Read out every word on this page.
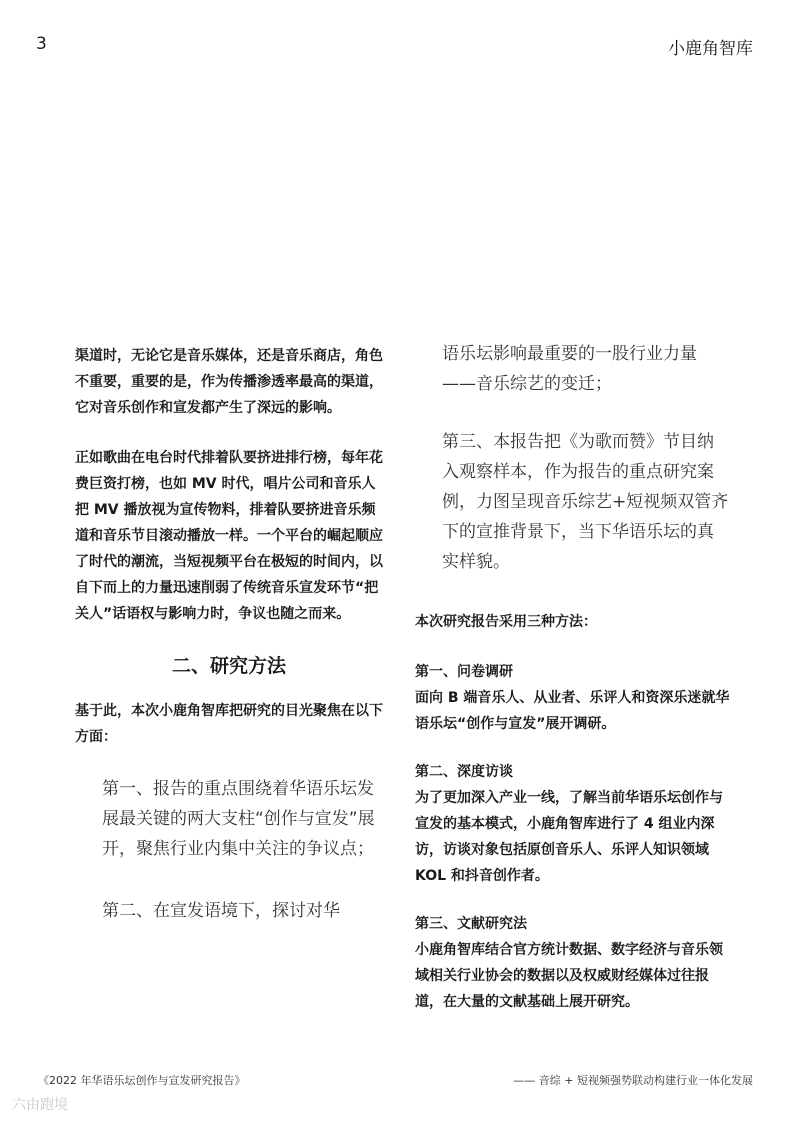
3	小鹿角智库

渠道时，无论它是音乐媒体，还是音乐商店，角色不重要，重要的是，作为传播渗透率最高的渠道，它对音乐创作和宣发都产生了深远的影响。

正如歌曲在电台时代排着队要挤进排行榜，每年花费巨资打榜，也如 MV 时代，唱片公司和音乐人把 MV 播放视为宣传物料，排着队要挤进音乐频道和音乐节目滚动播放一样。一个平台的崛起顺应了时代的潮流，当短视频平台在极短的时间内，以自下而上的力量迅速削弱了传统音乐宣发环节“把关人”话语权与影响力时，争议也随之而来。

二、研究方法

基于此，本次小鹿角智库把研究的目光聚焦在以下方面：

第一、报告的重点围绕着华语乐坛发展最关键的两大支柱“创作与宣发”展开，聚焦行业内集中关注的争议点；

第二、在宣发语境下，探讨对华

语乐坛影响最重要的一股行业力量——音乐综艺的变迁；

第三、本报告把《为歌而赞》节目纳入观察样本，作为报告的重点研究案例，力图呈现音乐综艺+短视频双管齐下的宣推背景下，当下华语乐坛的真实样貌。

本次研究报告采用三种方法：

第一、问卷调研

面向 B 端音乐人、从业者、乐评人和资深乐迷就华语乐坛“创作与宣发”展开调研。

第二、深度访谈

为了更加深入产业一线，了解当前华语乐坛创作与宣发的基本模式，小鹿角智库进行了 4 组业内深访，访谈对象包括原创音乐人、乐评人知识领域 KOL 和抖音创作者。

第三、文献研究法

小鹿角智库结合官方统计数据、数字经济与音乐领域相关行业协会的数据以及权威财经媒体过往报道，在大量的文献基础上展开研究。

《2022 年华语乐坛创作与宣发研究报告》	—— 音综 + 短视频强势联动构建行业一体化发展
六由跑境
